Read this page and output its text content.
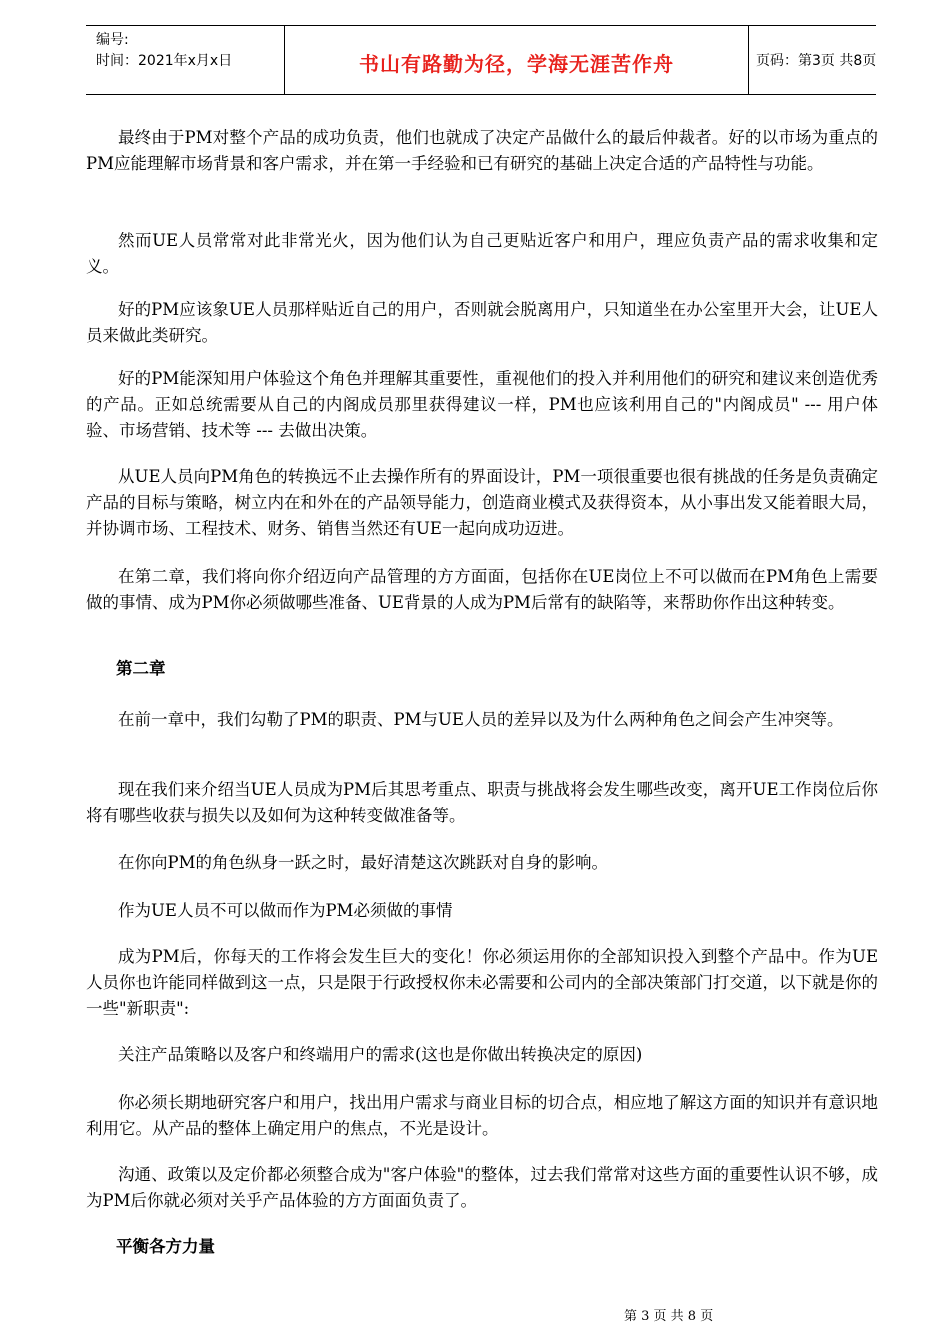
编号:
时间：2021年x月x日	书山有路勤为径，学海无涯苦作舟	页码：第3页 共8页

最终由于PM对整个产品的成功负责，他们也就成了决定产品做什么的最后仲裁者。好的以市场为重点的PM应能理解市场背景和客户需求，并在第一手经验和已有研究的基础上决定合适的产品特性与功能。

然而UE人员常常对此非常光火，因为他们认为自己更贴近客户和用户，理应负责产品的需求收集和定义。

好的PM应该象UE人员那样贴近自己的用户，否则就会脱离用户，只知道坐在办公室里开大会，让UE人员来做此类研究。

好的PM能深知用户体验这个角色并理解其重要性，重视他们的投入并利用他们的研究和建议来创造优秀的产品。正如总统需要从自己的内阁成员那里获得建议一样，PM也应该利用自己的"内阁成员" --- 用户体验、市场营销、技术等 --- 去做出决策。

从UE人员向PM角色的转换远不止去操作所有的界面设计，PM一项很重要也很有挑战的任务是负责确定产品的目标与策略，树立内在和外在的产品领导能力，创造商业模式及获得资本，从小事出发又能着眼大局，并协调市场、工程技术、财务、销售当然还有UE一起向成功迈进。

在第二章，我们将向你介绍迈向产品管理的方方面面，包括你在UE岗位上不可以做而在PM角色上需要做的事情、成为PM你必须做哪些准备、UE背景的人成为PM后常有的缺陷等，来帮助你作出这种转变。

第二章

在前一章中，我们勾勒了PM的职责、PM与UE人员的差异以及为什么两种角色之间会产生冲突等。

现在我们来介绍当UE人员成为PM后其思考重点、职责与挑战将会发生哪些改变，离开UE工作岗位后你将有哪些收获与损失以及如何为这种转变做准备等。

在你向PM的角色纵身一跃之时，最好清楚这次跳跃对自身的影响。

作为UE人员不可以做而作为PM必须做的事情

成为PM后，你每天的工作将会发生巨大的变化！你必须运用你的全部知识投入到整个产品中。作为UE人员你也许能同样做到这一点，只是限于行政授权你未必需要和公司内的全部决策部门打交道，以下就是你的一些"新职责":

关注产品策略以及客户和终端用户的需求(这也是你做出转换决定的原因)

你必须长期地研究客户和用户，找出用户需求与商业目标的切合点，相应地了解这方面的知识并有意识地利用它。从产品的整体上确定用户的焦点，不光是设计。

沟通、政策以及定价都必须整合成为"客户体验"的整体，过去我们常常对这些方面的重要性认识不够，成为PM后你就必须对关乎产品体验的方方面面负责了。

平衡各方力量
第 3 页 共 8 页
